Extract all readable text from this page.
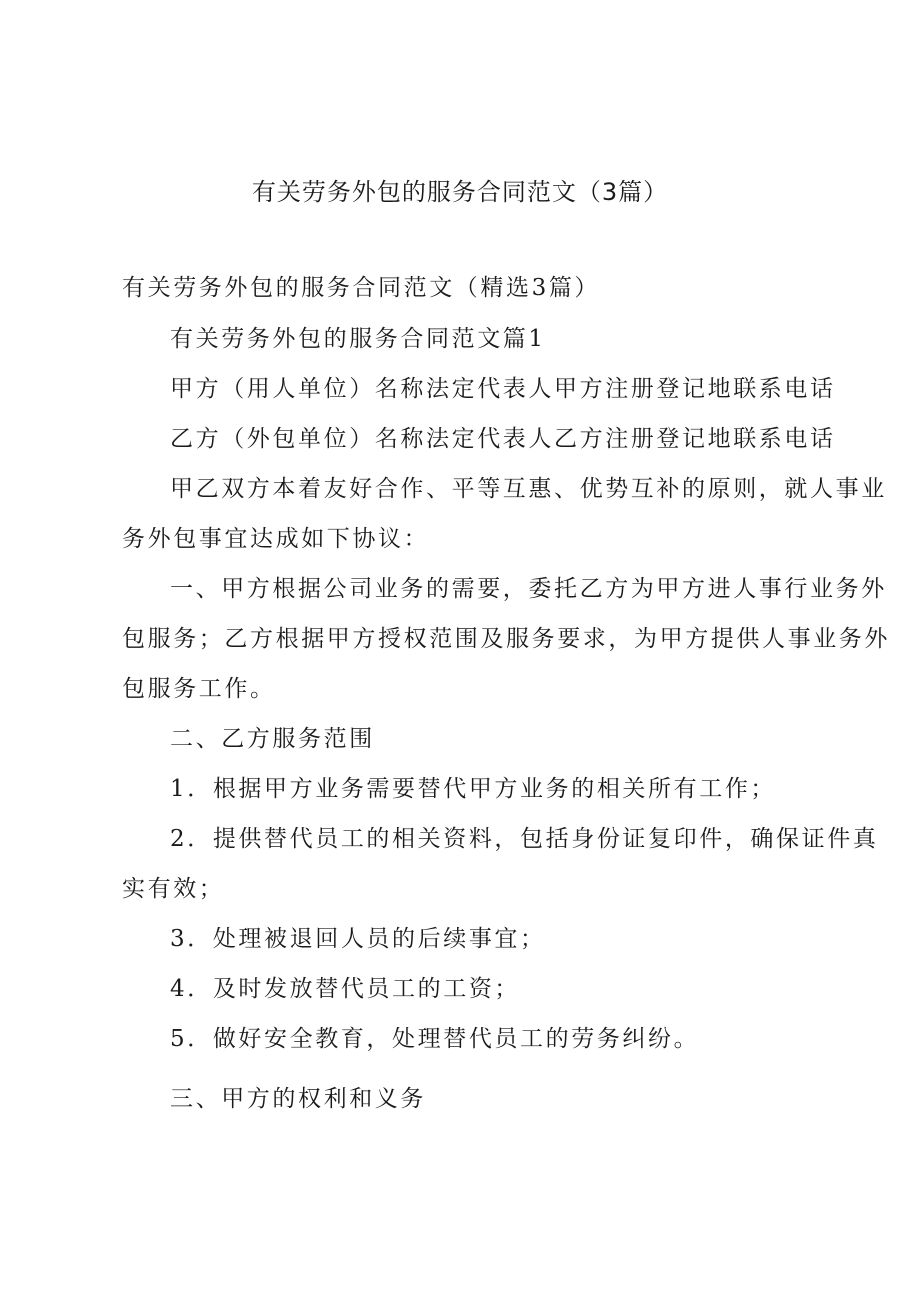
有关劳务外包的服务合同范文（3篇）
有关劳务外包的服务合同范文（精选3篇）
有关劳务外包的服务合同范文篇1
甲方（用人单位）名称法定代表人甲方注册登记地联系电话
乙方（外包单位）名称法定代表人乙方注册登记地联系电话
甲乙双方本着友好合作、平等互惠、优势互补的原则，就人事业
务外包事宜达成如下协议：
一、甲方根据公司业务的需要，委托乙方为甲方进人事行业务外
包服务；乙方根据甲方授权范围及服务要求，为甲方提供人事业务外
包服务工作。
二、乙方服务范围
1．根据甲方业务需要替代甲方业务的相关所有工作；
2．提供替代员工的相关资料，包括身份证复印件，确保证件真
实有效；
3．处理被退回人员的后续事宜；
4．及时发放替代员工的工资；
5．做好安全教育，处理替代员工的劳务纠纷。
三、甲方的权利和义务
